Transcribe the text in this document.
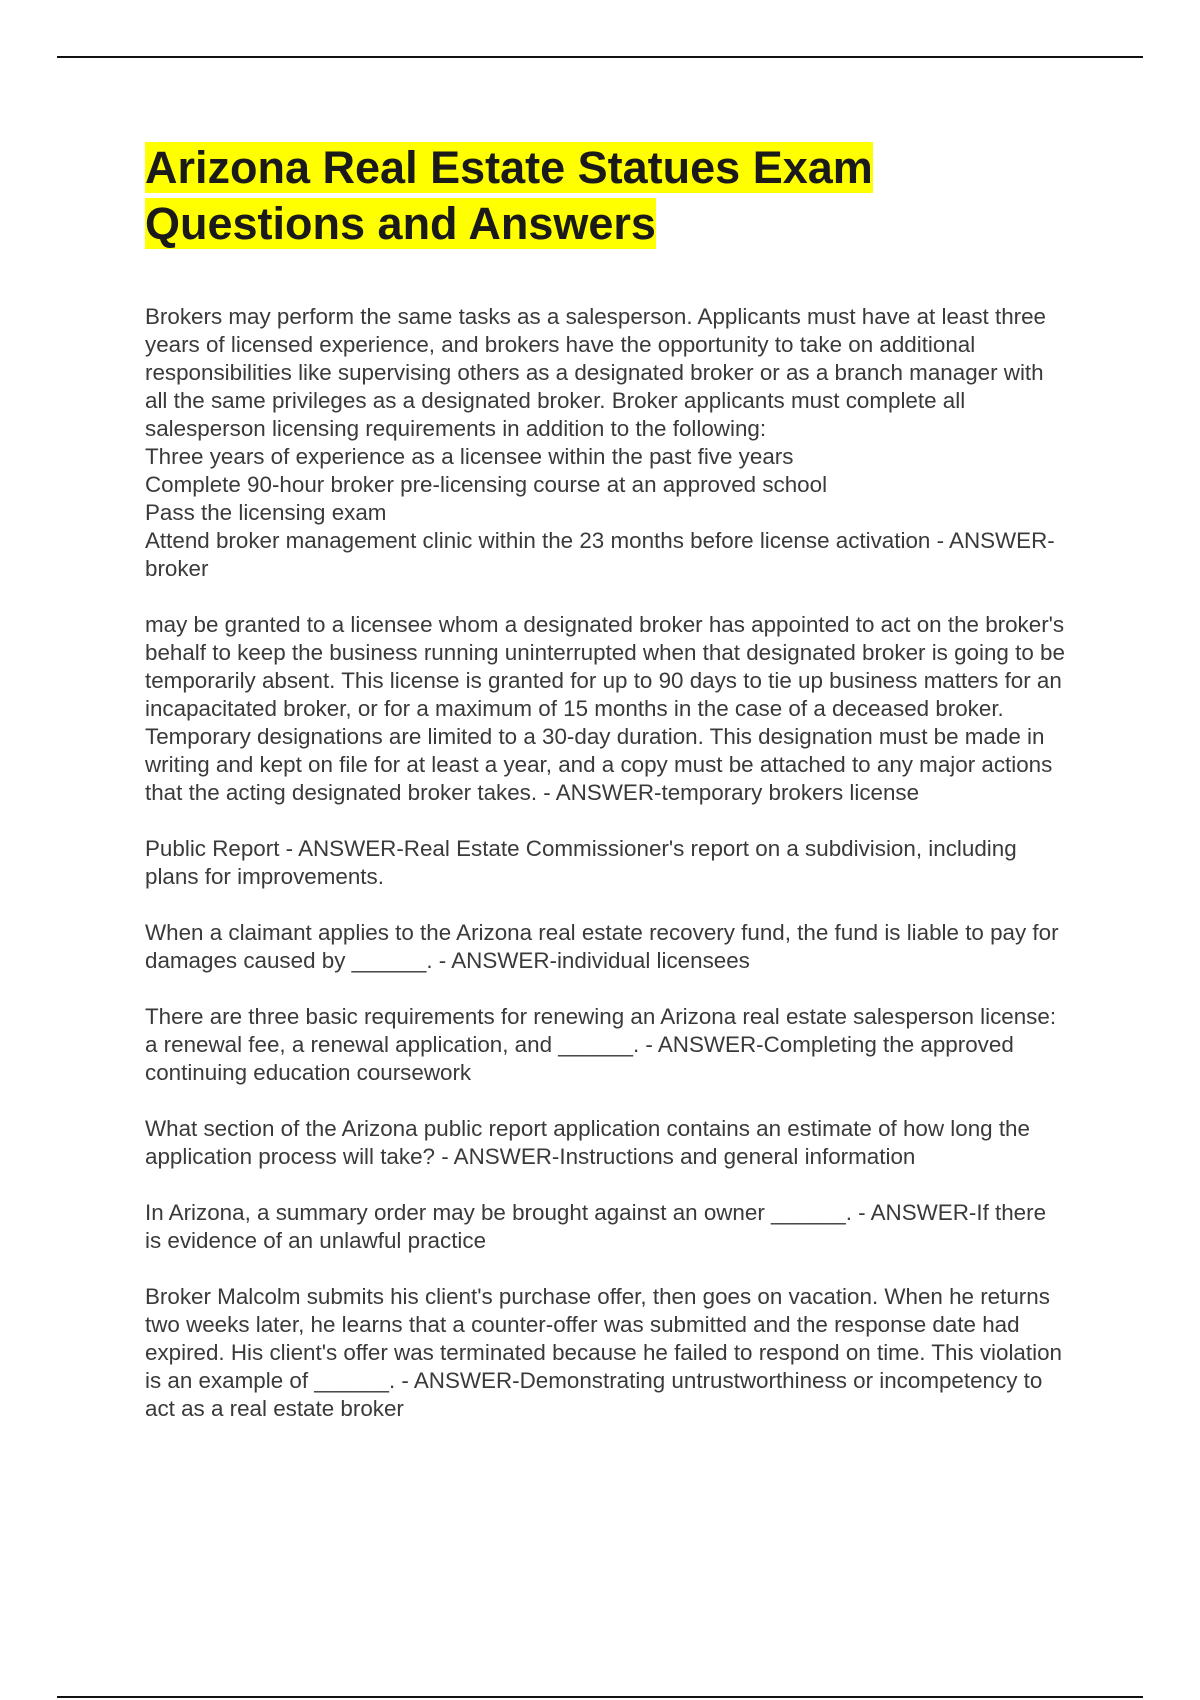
Arizona Real Estate Statues Exam
Questions and Answers
Brokers may perform the same tasks as a salesperson. Applicants must have at least three years of licensed experience, and brokers have the opportunity to take on additional responsibilities like supervising others as a designated broker or as a branch manager with all the same privileges as a designated broker. Broker applicants must complete all salesperson licensing requirements in addition to the following:
Three years of experience as a licensee within the past five years
Complete 90-hour broker pre-licensing course at an approved school
Pass the licensing exam
Attend broker management clinic within the 23 months before license activation - ANSWER-broker
may be granted to a licensee whom a designated broker has appointed to act on the broker's behalf to keep the business running uninterrupted when that designated broker is going to be temporarily absent. This license is granted for up to 90 days to tie up business matters for an incapacitated broker, or for a maximum of 15 months in the case of a deceased broker.
Temporary designations are limited to a 30-day duration. This designation must be made in writing and kept on file for at least a year, and a copy must be attached to any major actions that the acting designated broker takes. - ANSWER-temporary brokers license
Public Report - ANSWER-Real Estate Commissioner's report on a subdivision, including plans for improvements.
When a claimant applies to the Arizona real estate recovery fund, the fund is liable to pay for damages caused by ______. - ANSWER-individual licensees
There are three basic requirements for renewing an Arizona real estate salesperson license: a renewal fee, a renewal application, and ______. - ANSWER-Completing the approved continuing education coursework
What section of the Arizona public report application contains an estimate of how long the application process will take? - ANSWER-Instructions and general information
In Arizona, a summary order may be brought against an owner ______. - ANSWER-If there is evidence of an unlawful practice
Broker Malcolm submits his client's purchase offer, then goes on vacation. When he returns two weeks later, he learns that a counter-offer was submitted and the response date had expired. His client's offer was terminated because he failed to respond on time. This violation is an example of ______. - ANSWER-Demonstrating untrustworthiness or incompetency to act as a real estate broker
